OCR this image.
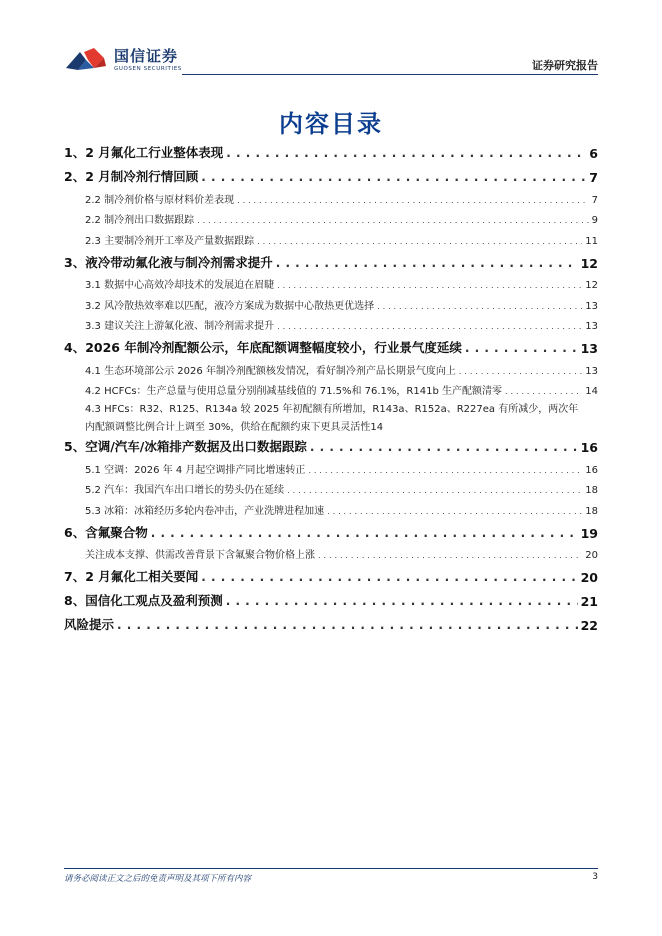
国信证券
GUOSEN SECURITIES	证券研究报告
内容目录
1、2 月氟化工行业整体表现 . . .	6
2、2 月制冷剂行情回顾 . . .	7
2.2 制冷剂价格与原材料价差表现 . . .	7
2.2 制冷剂出口数据跟踪 . . .	9
2.3 主要制冷剂开工率及产量数据跟踪 . . .	11
3、液冷带动氟化液与制冷剂需求提升 . . .	12
3.1 数据中心高效冷却技术的发展迫在眉睫 . . .	12
3.2 风冷散热效率难以匹配，液冷方案成为数据中心散热更优选择 . . .	13
3.3 建议关注上游氟化液、制冷剂需求提升 . . .	13
4、2026 年制冷剂配额公示，年底配额调整幅度较小，行业景气度延续 . . .	13
4.1 生态环境部公示 2026 年制冷剂配额核发情况，看好制冷剂产品长期景气度向上 . . .	13
4.2 HCFCs：生产总量与使用总量分别削减基线值的 71.5%和 76.1%，R141b 生产配额清零 . . .	14
4.3 HFCs：R32、R125、R134a 较 2025 年初配额有所增加，R143a、R152a、R227ea 有所减少，两次年
内配额调整比例合计上调至 30%，供给在配额约束下更具灵活性 14
5、空调/汽车/冰箱排产数据及出口数据跟踪 . . .	16
5.1 空调：2026 年 4 月起空调排产同比增速转正 . . .	16
5.2 汽车：我国汽车出口增长的势头仍在延续 . . .	18
5.3 冰箱：冰箱经历多轮内卷冲击，产业洗牌进程加速 . . .	18
6、含氟聚合物 . . .	19
关注成本支撑、供需改善背景下含氟聚合物价格上涨 . . .	20
7、2 月氟化工相关要闻 . . .	20
8、国信化工观点及盈利预测 . . .	21
风险提示 . . .	22
请务必阅读正文之后的免责声明及其项下所有内容	3
